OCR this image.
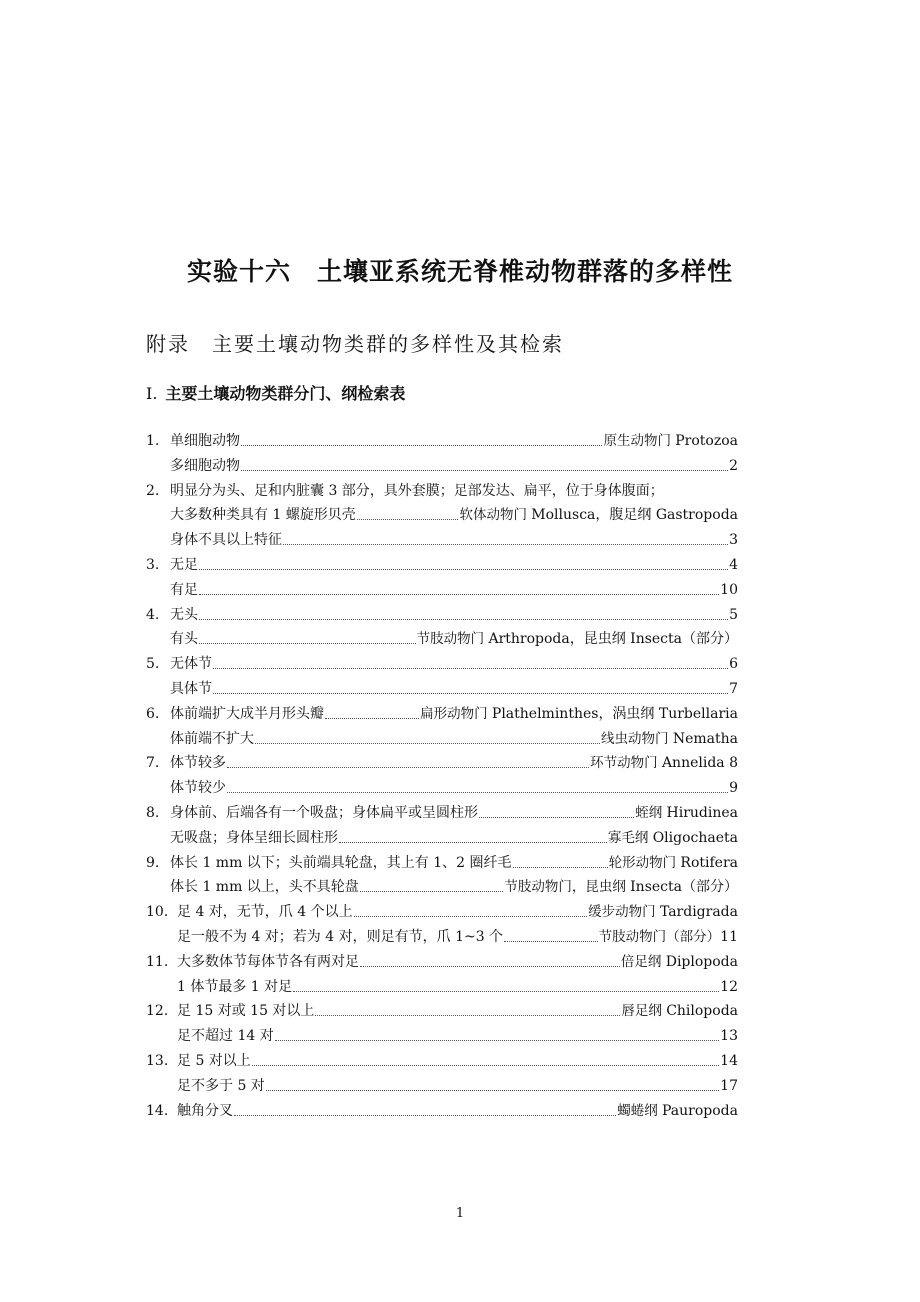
实验十六　土壤亚系统无脊椎动物群落的多样性
附录 主要土壤动物类群的多样性及其检索
Ⅰ. 主要土壤动物类群分门、纲检索表
1. 单细胞动物	原生动物门 Protozoa
多细胞动物	2
2. 明显分为头、足和内脏囊 3 部分，具外套膜；足部发达、扁平，位于身体腹面；
大多数种类具有 1 螺旋形贝壳	软体动物门 Mollusca，腹足纲 Gastropoda
身体不具以上特征	3
3. 无足	4
有足	10
4. 无头	5
有头	节肢动物门 Arthropoda，昆虫纲 Insecta（部分）
5. 无体节	6
具体节	7
6. 体前端扩大成半月形头瓣	扁形动物门 Plathelminthes，涡虫纲 Turbellaria
体前端不扩大	线虫动物门 Nematha
7. 体节较多	环节动物门 Annelida 8
体节较少	9
8. 身体前、后端各有一个吸盘；身体扁平或呈圆柱形	蛭纲 Hirudinea
无吸盘；身体呈细长圆柱形	寡毛纲 Oligochaeta
9. 体长 1 mm 以下；头前端具轮盘，其上有 1、2 圈纤毛	轮形动物门 Rotifera
体长 1 mm 以上，头不具轮盘	节肢动物门，昆虫纲 Insecta（部分）
10. 足 4 对，无节，爪 4 个以上	缓步动物门 Tardigrada
足一般不为 4 对；若为 4 对，则足有节，爪 1~3 个	节肢动物门（部分）11
11. 大多数体节每体节各有两对足	倍足纲 Diplopoda
1 体节最多 1 对足	12
12. 足 15 对或 15 对以上	唇足纲 Chilopoda
足不超过 14 对	13
13. 足 5 对以上	14
足不多于 5 对	17
14. 触角分叉	蠋蜷纲 Pauropoda
1
